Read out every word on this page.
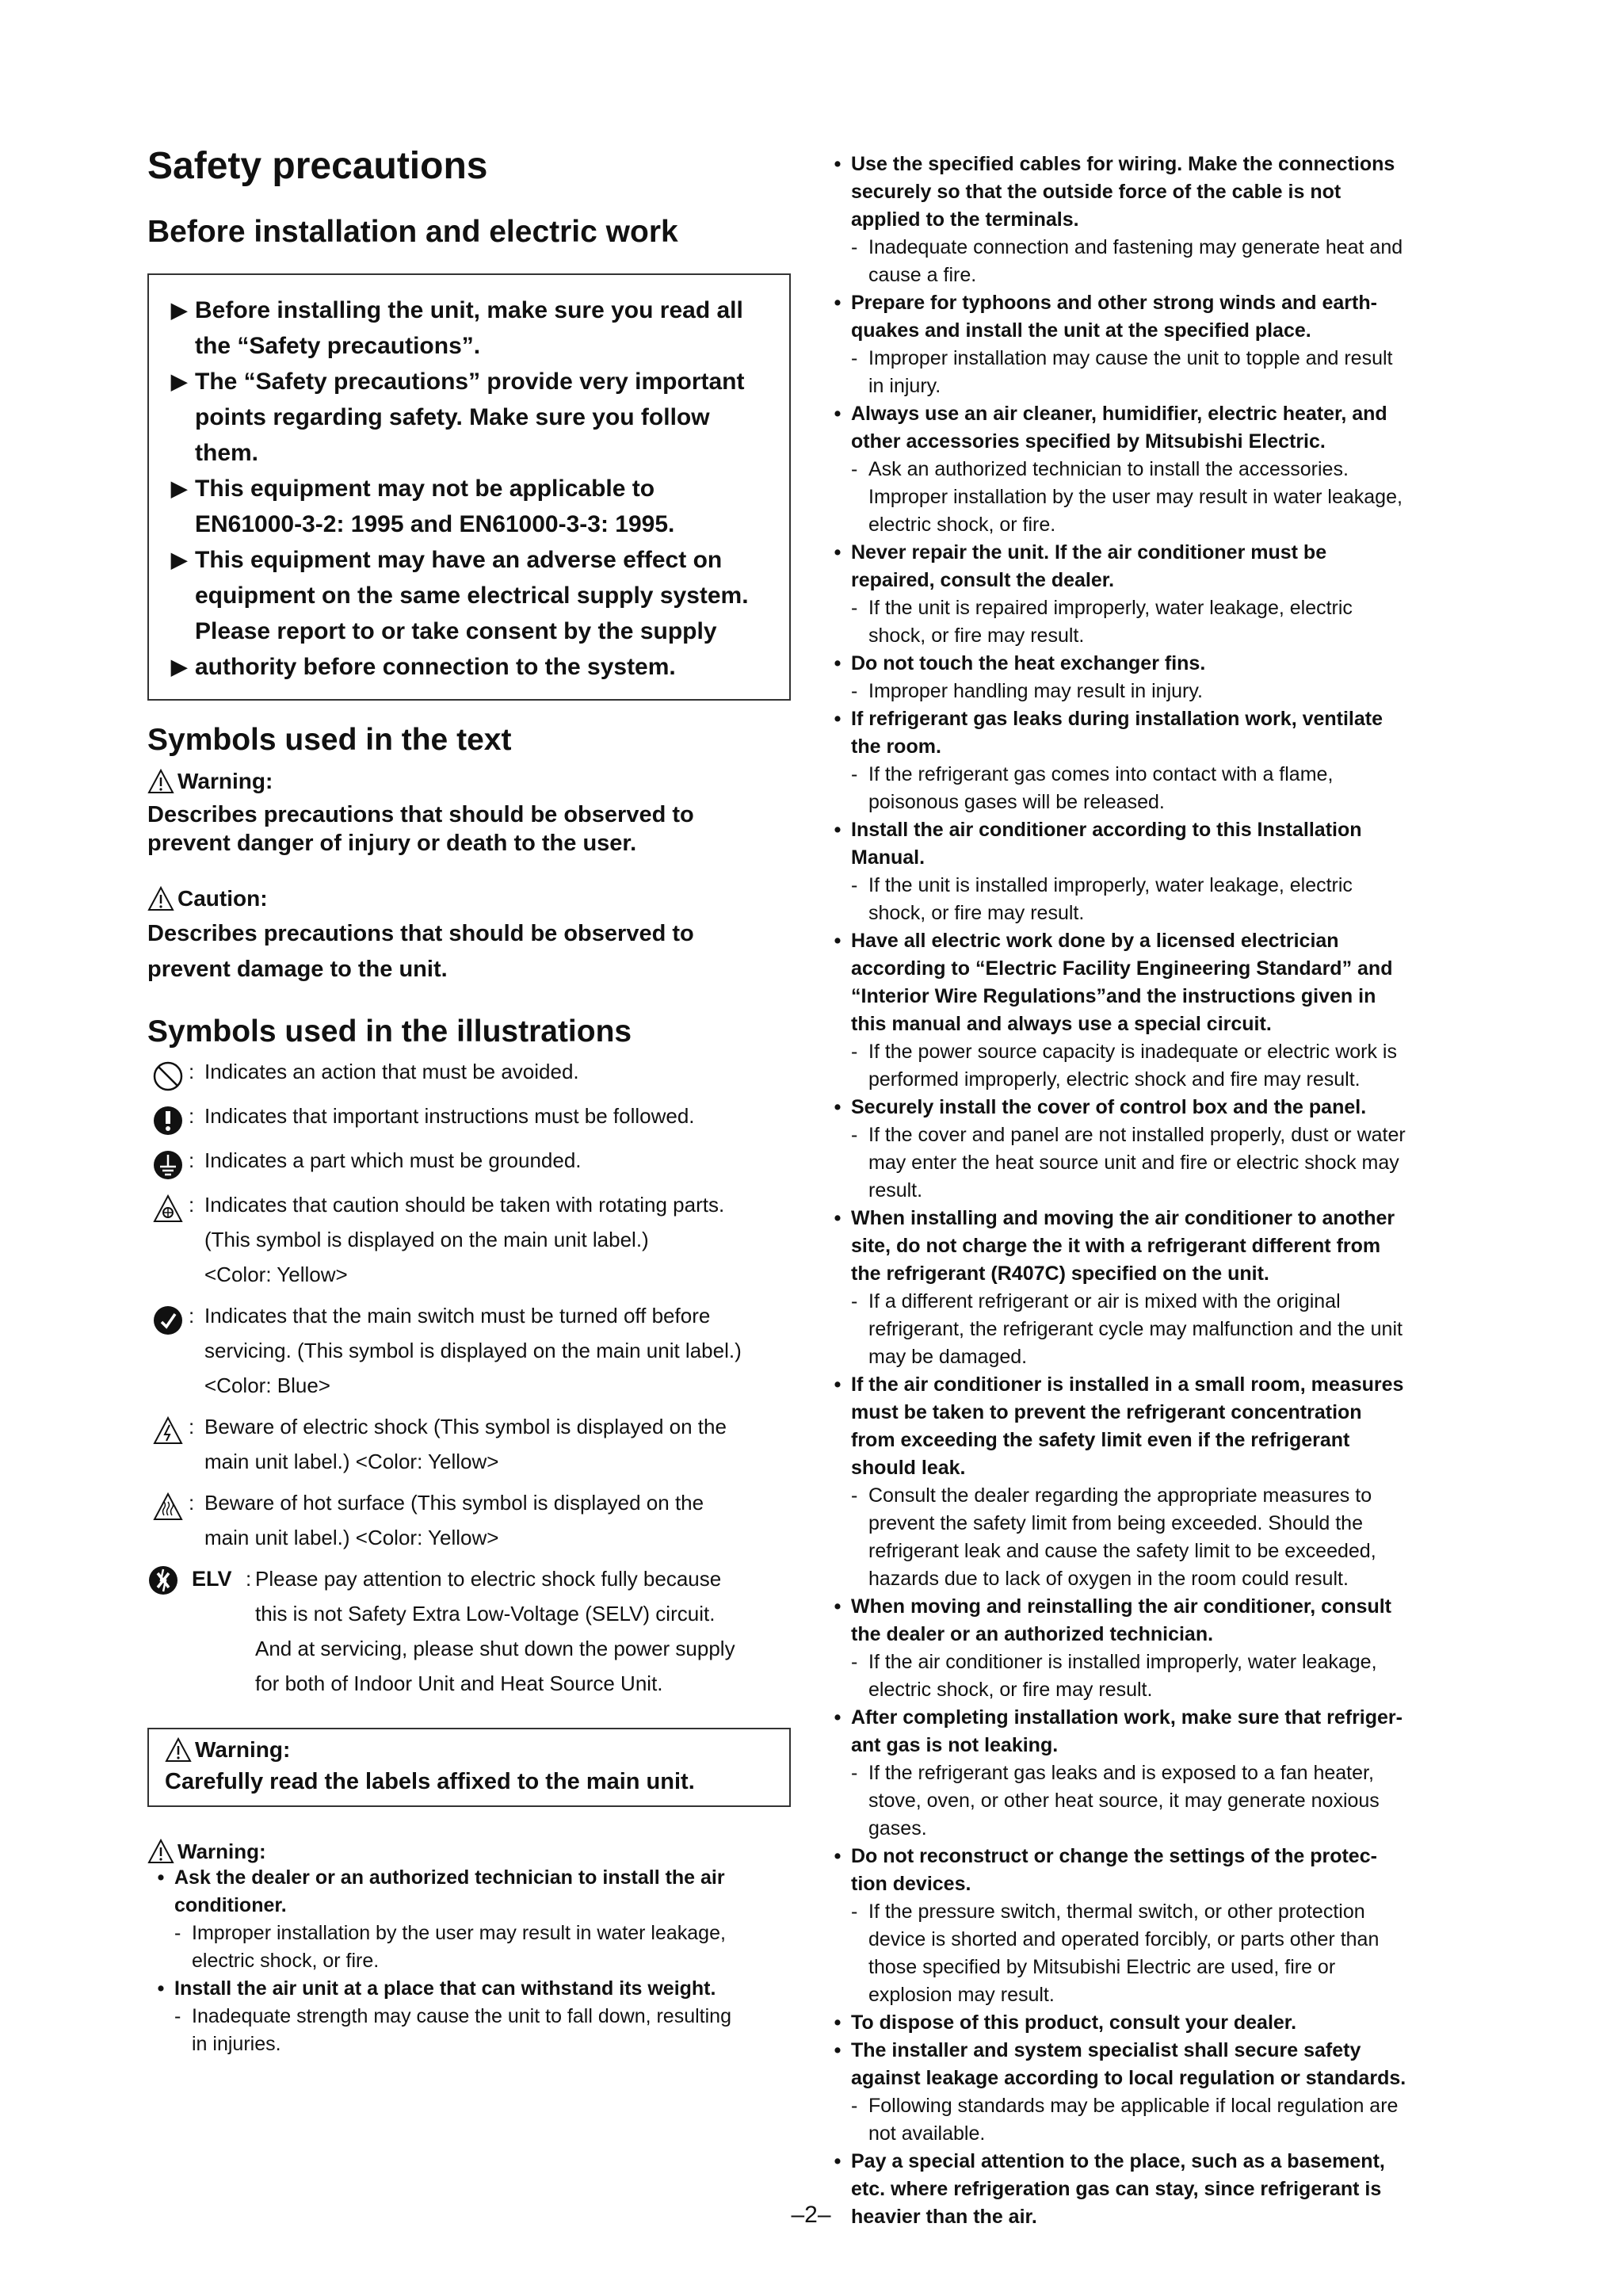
Safety precautions
Before installation and electric work
▶ Before installing the unit, make sure you read all
the “Safety precautions”.
▶ The “Safety precautions” provide very important
points regarding safety. Make sure you follow
them.
▶ This equipment may not be applicable to
EN61000-3-2: 1995 and EN61000-3-3: 1995.
▶ This equipment may have an adverse effect on
equipment on the same electrical supply system.
Please report to or take consent by the supply
▶ authority before connection to the system.
Symbols used in the text
Warning:
Describes precautions that should be observed to
prevent danger of injury or death to the user.
Caution:
Describes precautions that should be observed to
prevent damage to the unit.
Symbols used in the illustrations
: Indicates an action that must be avoided.
: Indicates that important instructions must be followed.
: Indicates a part which must be grounded.
: Indicates that caution should be taken with rotating parts.
(This symbol is displayed on the main unit label.)
<Color: Yellow>
: Indicates that the main switch must be turned off before
servicing. (This symbol is displayed on the main unit label.)
<Color: Blue>
: Beware of electric shock (This symbol is displayed on the
main unit label.) <Color: Yellow>
: Beware of hot surface (This symbol is displayed on the
main unit label.) <Color: Yellow>
ELV : Please pay attention to electric shock fully because
this is not Safety Extra Low-Voltage (SELV) circuit.
And at servicing, please shut down the power supply
for both of Indoor Unit and Heat Source Unit.
Warning:
Carefully read the labels affixed to the main unit.
Warning:
• Ask the dealer or an authorized technician to install the air
conditioner.
- Improper installation by the user may result in water leakage,
electric shock, or fire.
• Install the air unit at a place that can withstand its weight.
- Inadequate strength may cause the unit to fall down, resulting
in injuries.
• Use the specified cables for wiring. Make the connections
securely so that the outside force of the cable is not
applied to the terminals.
- Inadequate connection and fastening may generate heat and
cause a fire.
• Prepare for typhoons and other strong winds and earth-
quakes and install the unit at the specified place.
- Improper installation may cause the unit to topple and result
in injury.
• Always use an air cleaner, humidifier, electric heater, and
other accessories specified by Mitsubishi Electric.
- Ask an authorized technician to install the accessories.
Improper installation by the user may result in water leakage,
electric shock, or fire.
• Never repair the unit. If the air conditioner must be
repaired, consult the dealer.
- If the unit is repaired improperly, water leakage, electric
shock, or fire may result.
• Do not touch the heat exchanger fins.
- Improper handling may result in injury.
• If refrigerant gas leaks during installation work, ventilate
the room.
- If the refrigerant gas comes into contact with a flame,
poisonous gases will be released.
• Install the air conditioner according to this Installation
Manual.
- If the unit is installed improperly, water leakage, electric
shock, or fire may result.
• Have all electric work done by a licensed electrician
according to “Electric Facility Engineering Standard” and
“Interior Wire Regulations”and the instructions given in
this manual and always use a special circuit.
- If the power source capacity is inadequate or electric work is
performed improperly, electric shock and fire may result.
• Securely install the cover of control box and the panel.
- If the cover and panel are not installed properly, dust or water
may enter the heat source unit and fire or electric shock may
result.
• When installing and moving the air conditioner to another
site, do not charge the it with a refrigerant different from
the refrigerant (R407C) specified on the unit.
- If a different refrigerant or air is mixed with the original
refrigerant, the refrigerant cycle may malfunction and the unit
may be damaged.
• If the air conditioner is installed in a small room, measures
must be taken to prevent the refrigerant concentration
from exceeding the safety limit even if the refrigerant
should leak.
- Consult the dealer regarding the appropriate measures to
prevent the safety limit from being exceeded. Should the
refrigerant leak and cause the safety limit to be exceeded,
hazards due to lack of oxygen in the room could result.
• When moving and reinstalling the air conditioner, consult
the dealer or an authorized technician.
- If the air conditioner is installed improperly, water leakage,
electric shock, or fire may result.
• After completing installation work, make sure that refriger-
ant gas is not leaking.
- If the refrigerant gas leaks and is exposed to a fan heater,
stove, oven, or other heat source, it may generate noxious
gases.
• Do not reconstruct or change the settings of the protec-
tion devices.
- If the pressure switch, thermal switch, or other protection
device is shorted and operated forcibly, or parts other than
those specified by Mitsubishi Electric are used, fire or
explosion may result.
• To dispose of this product, consult your dealer.
• The installer and system specialist shall secure safety
against leakage according to local regulation or standards.
- Following standards may be applicable if local regulation are
not available.
• Pay a special attention to the place, such as a basement,
etc. where refrigeration gas can stay, since refrigerant is
heavier than the air.
–2–
